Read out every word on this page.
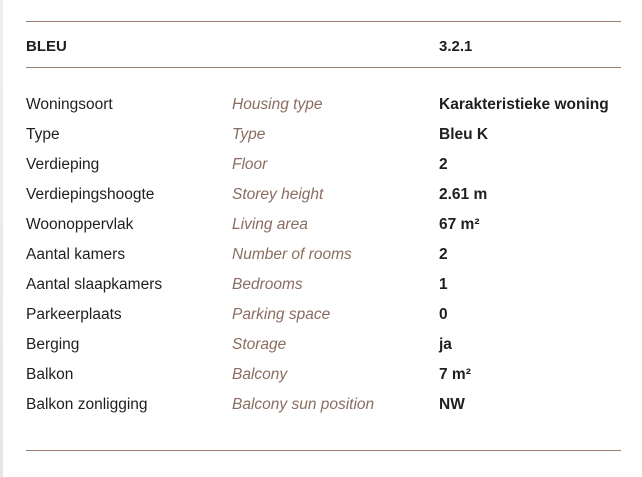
BLEU	3.2.1
Woningsoort	Housing type	Karakteristieke woning
Type	Type	Bleu K
Verdieping	Floor	2
Verdiepingshoogte	Storey height	2.61 m
Woonoppervlak	Living area	67 m²
Aantal kamers	Number of rooms	2
Aantal slaapkamers	Bedrooms	1
Parkeerplaats	Parking space	0
Berging	Storage	ja
Balkon	Balcony	7 m²
Balkon zonligging	Balcony sun position	NW
